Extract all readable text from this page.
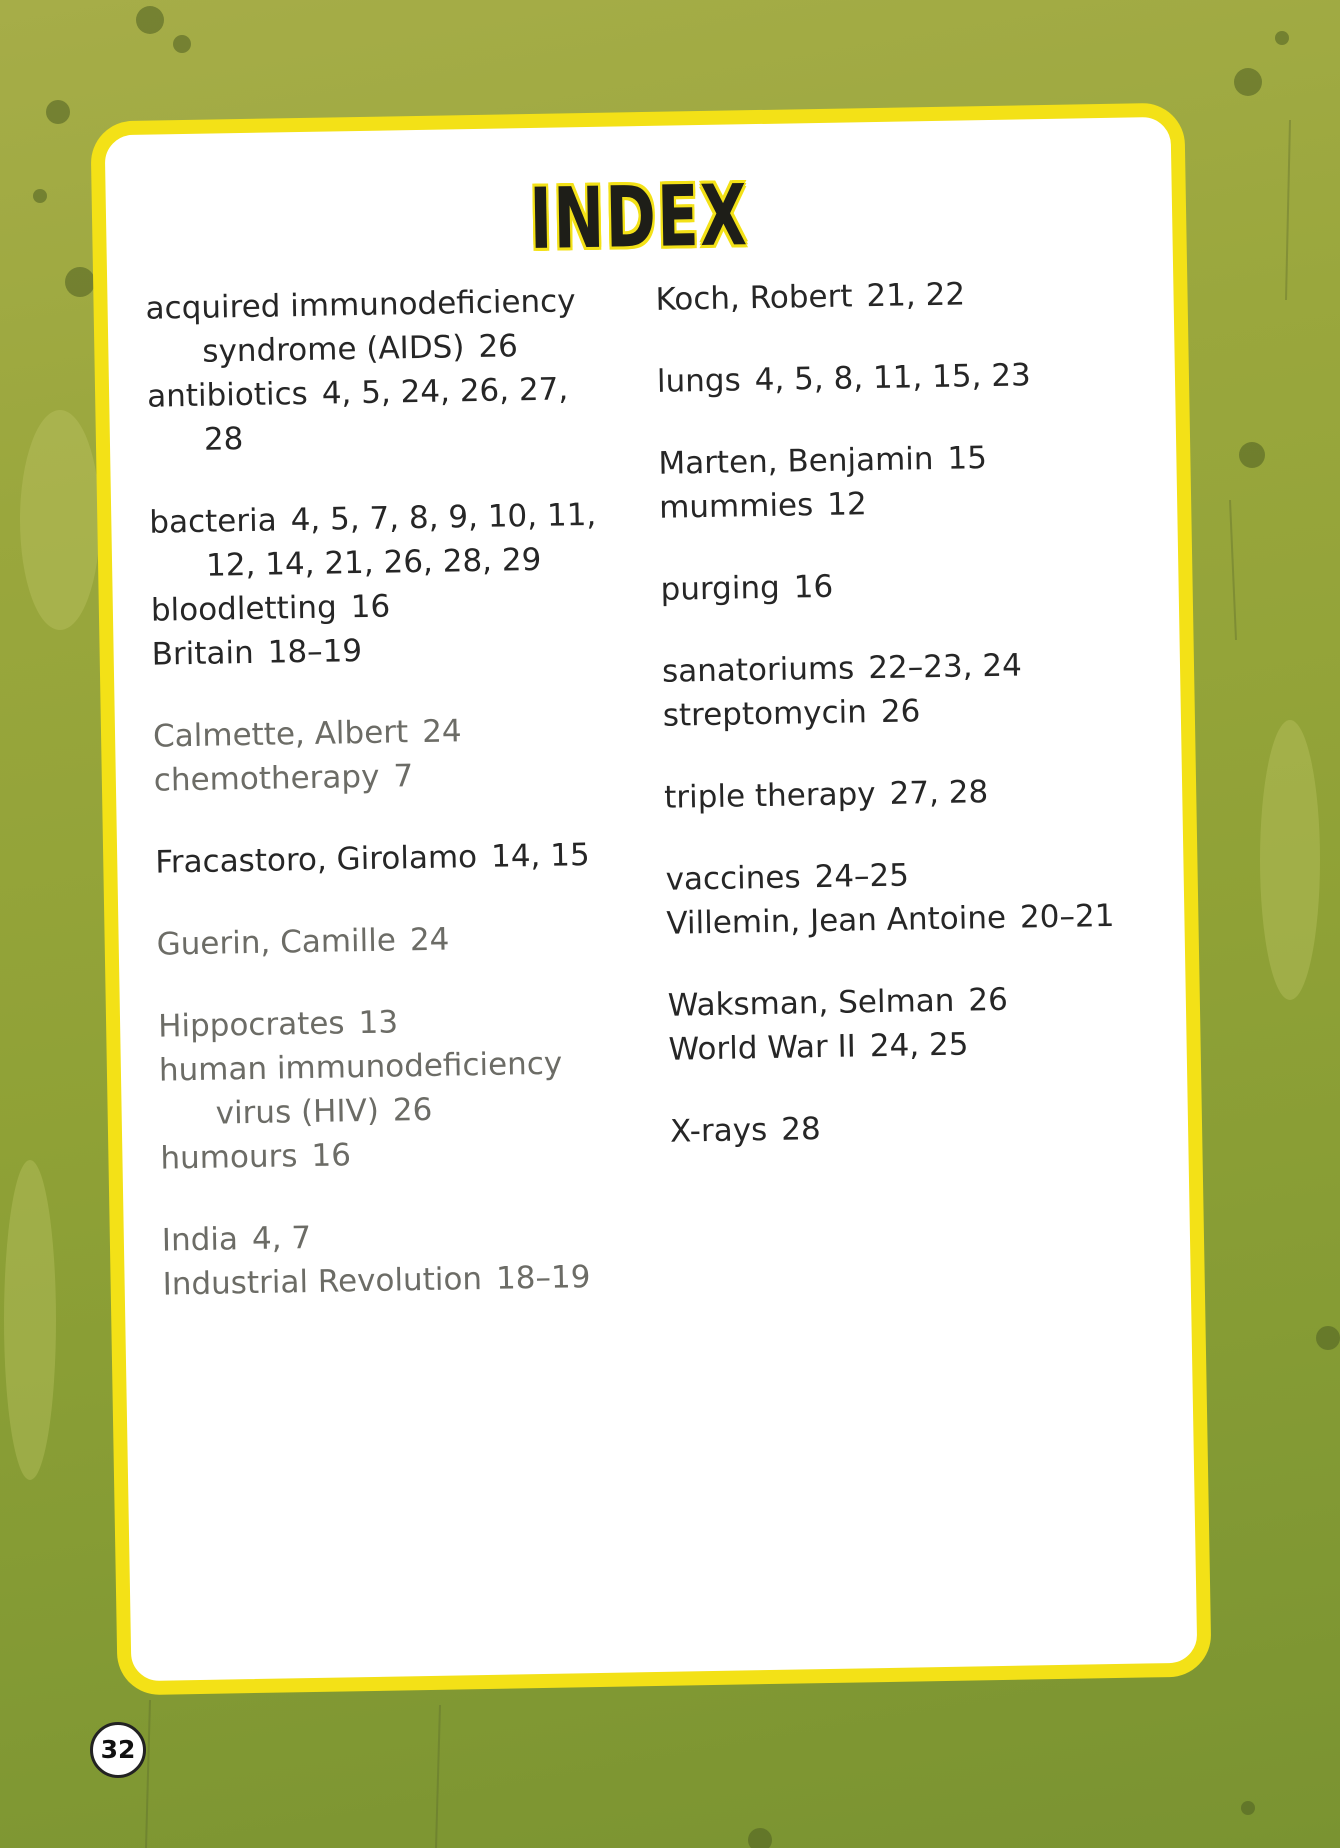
INDEX
acquired immunodeficiency syndrome (AIDS) 26
antibiotics 4, 5, 24, 26, 27, 28
bacteria 4, 5, 7, 8, 9, 10, 11, 12, 14, 21, 26, 28, 29
bloodletting 16
Britain 18–19
Calmette, Albert 24
chemotherapy 7
Fracastoro, Girolamo 14, 15
Guerin, Camille 24
Hippocrates 13
human immunodeficiency virus (HIV) 26
humours 16
India 4, 7
Industrial Revolution 18–19
Koch, Robert 21, 22
lungs 4, 5, 8, 11, 15, 23
Marten, Benjamin 15
mummies 12
purging 16
sanatoriums 22–23, 24
streptomycin 26
triple therapy 27, 28
vaccines 24–25
Villemin, Jean Antoine 20–21
Waksman, Selman 26
World War II 24, 25
X-rays 28
32
